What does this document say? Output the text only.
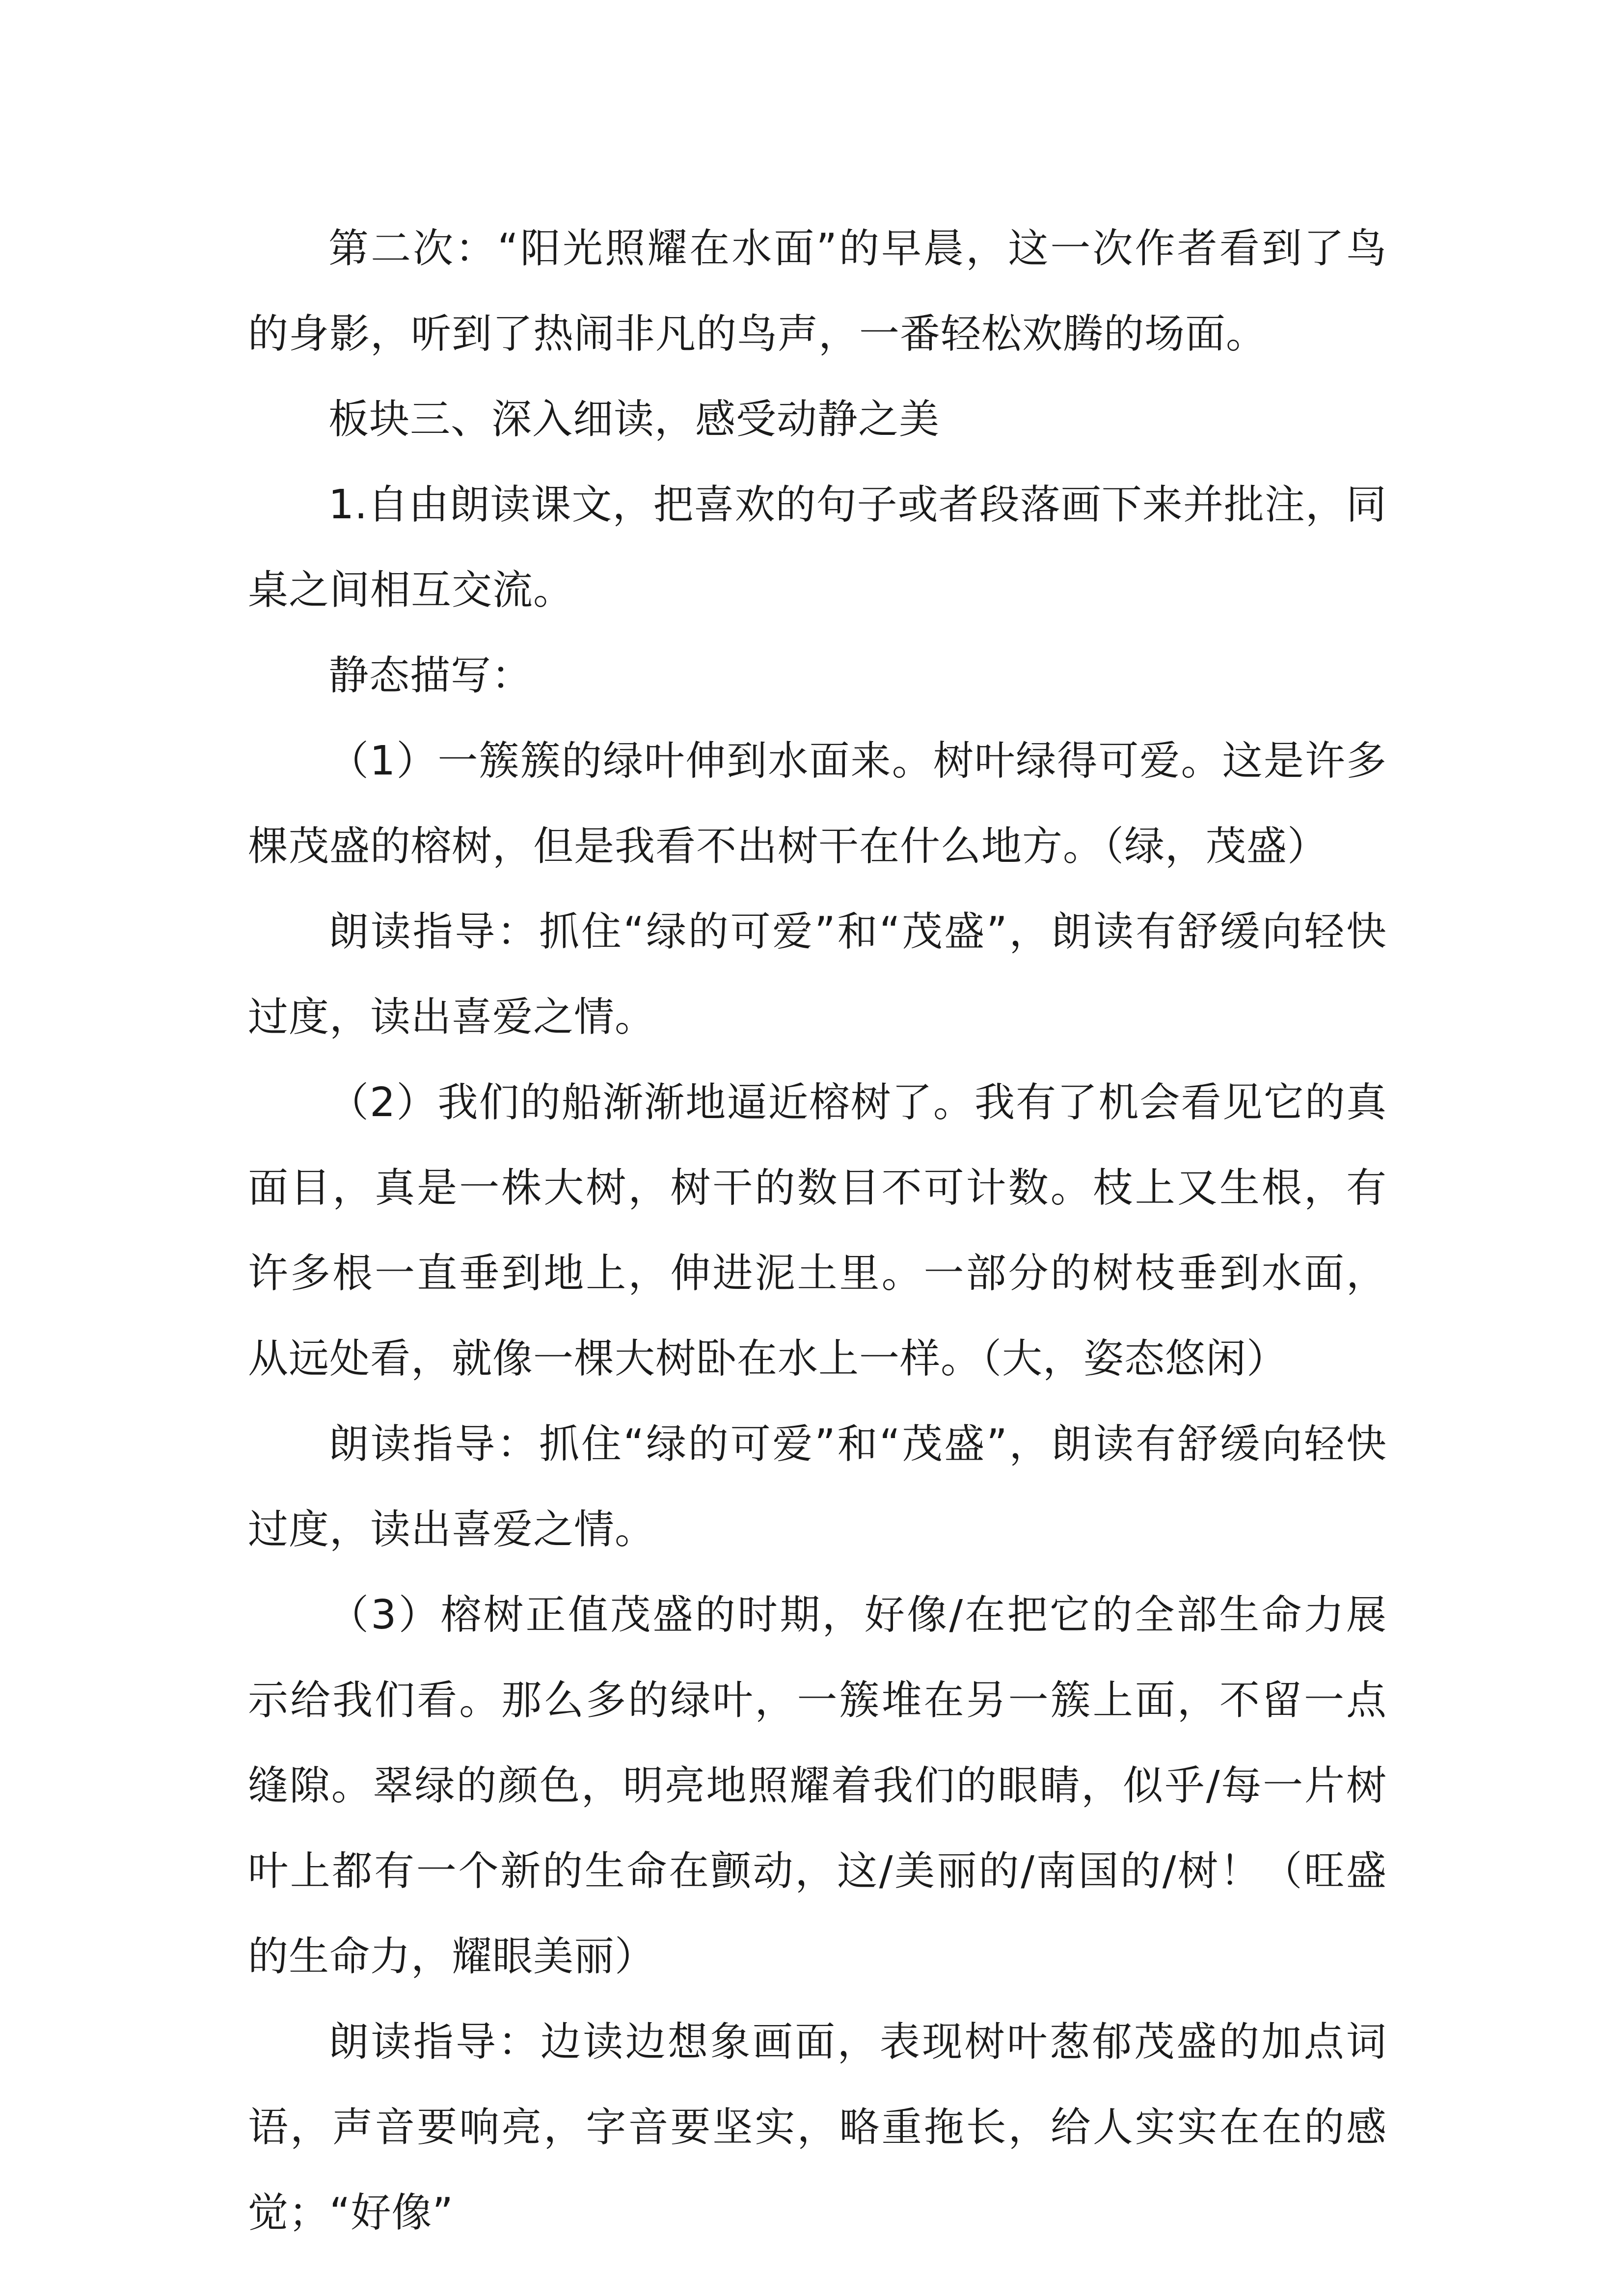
第二次：“阳光照耀在水面”的早晨，这一次作者看到了鸟的身影，听到了热闹非凡的鸟声，一番轻松欢腾的场面。

板块三、深入细读，感受动静之美

1.自由朗读课文，把喜欢的句子或者段落画下来并批注，同桌之间相互交流。

静态描写：

（1）一簇簇的绿叶伸到水面来。树叶绿得可爱。这是许多棵茂盛的榕树，但是我看不出树干在什么地方。（绿，茂盛）

朗读指导：抓住“绿的可爱”和“茂盛”，朗读有舒缓向轻快过度，读出喜爱之情。

（2）我们的船渐渐地逼近榕树了。我有了机会看见它的真面目，真是一株大树，树干的数目不可计数。枝上又生根，有许多根一直垂到地上，伸进泥土里。一部分的树枝垂到水面，从远处看，就像一棵大树卧在水上一样。（大，姿态悠闲）

朗读指导：抓住“绿的可爱”和“茂盛”，朗读有舒缓向轻快过度，读出喜爱之情。

（3）榕树正值茂盛的时期，好像/在把它的全部生命力展示给我们看。那么多的绿叶，一簇堆在另一簇上面，不留一点缝隙。翠绿的颜色，明亮地照耀着我们的眼睛，似乎/每一片树叶上都有一个新的生命在颤动，这/美丽的/南国的/树！（旺盛的生命力，耀眼美丽）

朗读指导：边读边想象画面，表现树叶葱郁茂盛的加点词语，声音要响亮，字音要坚实，略重拖长，给人实实在在的感觉；“好像”
